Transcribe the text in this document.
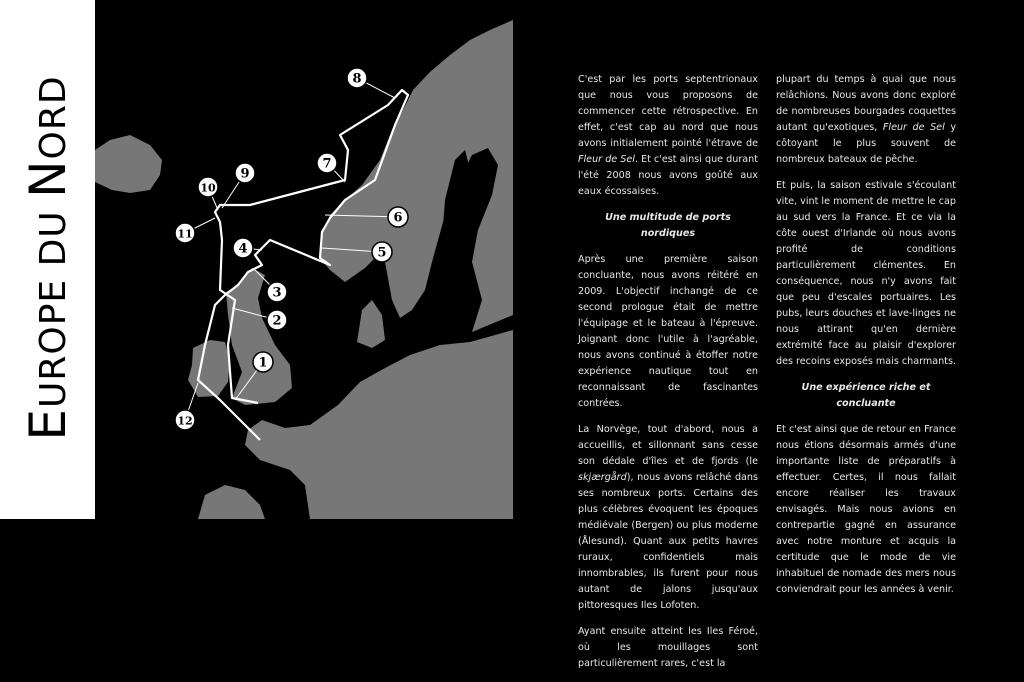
EUROPE DU NORD
1
2
3
4	5
6
7
8
9
10
11
12

C'est par les ports septentrionaux que nous vous proposons de commencer cette rétrospective. En effet, c'est cap au nord que nous avons initialement pointé l'étrave de Fleur de Sel. Et c'est ainsi que durant l'été 2008 nous avons goûté aux eaux écossaises.

Une multitude de ports nordiques

Après une première saison concluante, nous avons réitéré en 2009. L'objectif inchangé de ce second prologue était de mettre l'équipage et le bateau à l'épreuve. Joignant donc l'utile à l'agréable, nous avons continué à étoffer notre expérience nautique tout en reconnaissant de fascinantes contrées.

La Norvège, tout d'abord, nous a accueillis, et sillonnant sans cesse son dédale d'îles et de fjords (le skjærgård), nous avons relâché dans ses nombreux ports. Certains des plus célèbres évoquent les époques médiévale (Bergen) ou plus moderne (Ålesund). Quant aux petits havres ruraux, confidentiels mais innombrables, ils furent pour nous autant de jalons jusqu'aux pittoresques Iles Lofoten.

Ayant ensuite atteint les Iles Féroé, où les mouillages sont particulièrement rares, c'est la

plupart du temps à quai que nous relâchions. Nous avons donc exploré de nombreuses bourgades coquettes autant qu'exotiques, Fleur de Sel y côtoyant le plus souvent de nombreux bateaux de pêche.

Et puis, la saison estivale s'écoulant vite, vint le moment de mettre le cap au sud vers la France. Et ce via la côte ouest d'Irlande où nous avons profité de conditions particulièrement clémentes. En conséquence, nous n'y avons fait que peu d'escales portuaires. Les pubs, leurs douches et lave-linges ne nous attirant qu'en dernière extrémité face au plaisir d'explorer des recoins exposés mais charmants.

Une expérience riche et concluante

Et c'est ainsi que de retour en France nous étions désormais armés d'une importante liste de préparatifs à effectuer. Certes, il nous fallait encore réaliser les travaux envisagés. Mais nous avions en contrepartie gagné en assurance avec notre monture et acquis la certitude que le mode de vie inhabituel de nomade des mers nous conviendrait pour les années à venir.
